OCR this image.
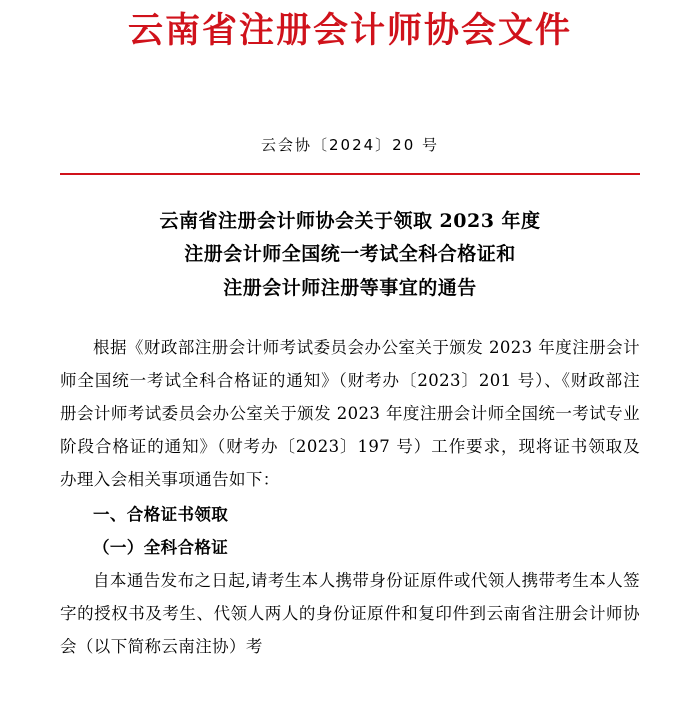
云南省注册会计师协会文件
云会协〔2024〕20 号
云南省注册会计师协会关于领取 2023 年度
注册会计师全国统一考试全科合格证和
注册会计师注册等事宜的通告

根据《财政部注册会计师考试委员会办公室关于颁发 2023 年度注册会计师全国统一考试全科合格证的通知》（财考办〔2023〕201 号）、《财政部注册会计师考试委员会办公室关于颁发 2023 年度注册会计师全国统一考试专业阶段合格证的通知》（财考办〔2023〕197 号）工作要求，现将证书领取及办理入会相关事项通告如下：

一、合格证书领取

（一）全科合格证

自本通告发布之日起,请考生本人携带身份证原件或代领人携带考生本人签字的授权书及考生、代领人两人的身份证原件和复印件到云南省注册会计师协会（以下简称云南注协）考
